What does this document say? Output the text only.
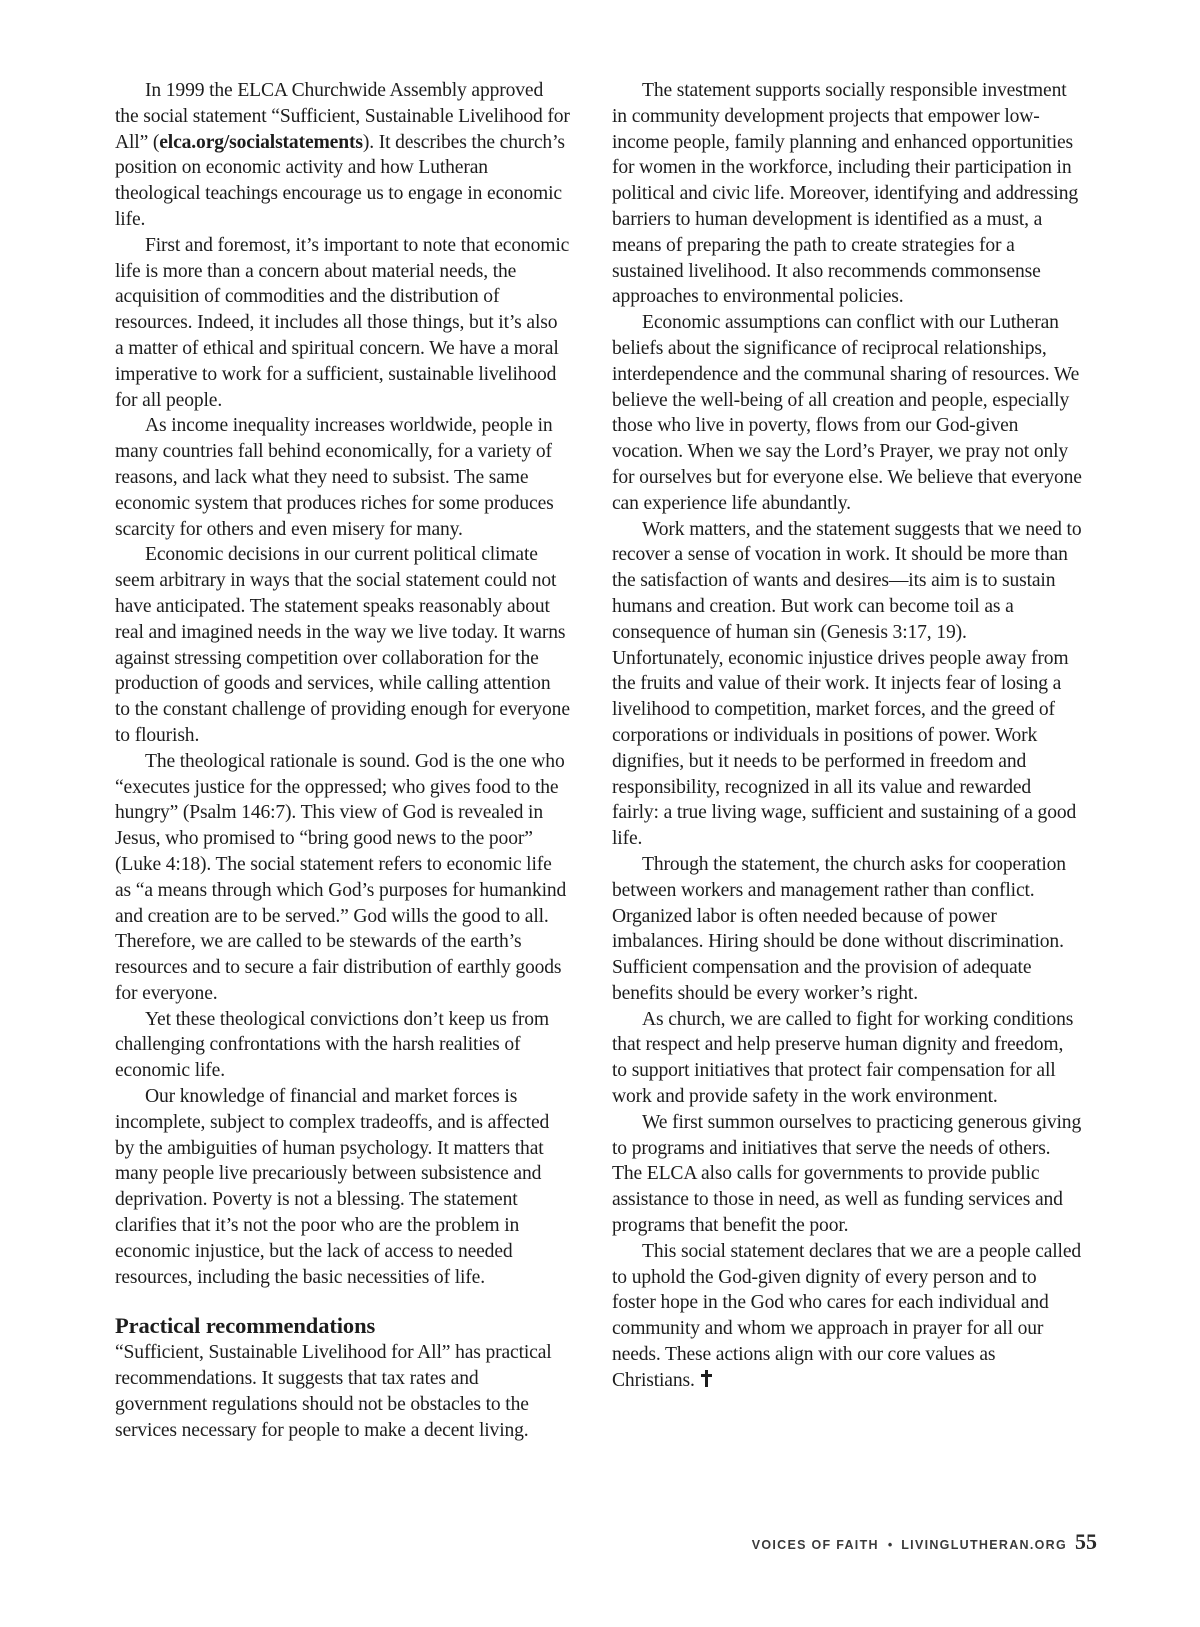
In 1999 the ELCA Churchwide Assembly approved the social statement “Sufficient, Sustainable Livelihood for All” (elca.org/socialstatements). It describes the church’s position on economic activity and how Lutheran theological teachings encourage us to engage in economic life.

First and foremost, it’s important to note that economic life is more than a concern about material needs, the acquisition of commodities and the distribution of resources. Indeed, it includes all those things, but it’s also a matter of ethical and spiritual concern. We have a moral imperative to work for a sufficient, sustainable livelihood for all people.

As income inequality increases worldwide, people in many countries fall behind economically, for a variety of reasons, and lack what they need to subsist. The same economic system that produces riches for some produces scarcity for others and even misery for many.

Economic decisions in our current political climate seem arbitrary in ways that the social statement could not have anticipated. The statement speaks reasonably about real and imagined needs in the way we live today. It warns against stressing competition over collaboration for the production of goods and services, while calling attention to the constant challenge of providing enough for everyone to flourish.

The theological rationale is sound. God is the one who “executes justice for the oppressed; who gives food to the hungry” (Psalm 146:7). This view of God is revealed in Jesus, who promised to “bring good news to the poor” (Luke 4:18). The social statement refers to economic life as “a means through which God’s purposes for humankind and creation are to be served.” God wills the good to all. Therefore, we are called to be stewards of the earth’s resources and to secure a fair distribution of earthly goods for everyone.

Yet these theological convictions don’t keep us from challenging confrontations with the harsh realities of economic life.

Our knowledge of financial and market forces is incomplete, subject to complex tradeoffs, and is affected by the ambiguities of human psychology. It matters that many people live precariously between subsistence and deprivation. Poverty is not a blessing. The statement clarifies that it’s not the poor who are the problem in economic injustice, but the lack of access to needed resources, including the basic necessities of life.

Practical recommendations

“Sufficient, Sustainable Livelihood for All” has practical recommendations. It suggests that tax rates and government regulations should not be obstacles to the services necessary for people to make a decent living.

The statement supports socially responsible investment in community development projects that empower low-income people, family planning and enhanced opportunities for women in the workforce, including their participation in political and civic life. Moreover, identifying and addressing barriers to human development is identified as a must, a means of preparing the path to create strategies for a sustained livelihood. It also recommends commonsense approaches to environmental policies.

Economic assumptions can conflict with our Lutheran beliefs about the significance of reciprocal relationships, interdependence and the communal sharing of resources. We believe the well-being of all creation and people, especially those who live in poverty, flows from our God-given vocation. When we say the Lord’s Prayer, we pray not only for ourselves but for everyone else. We believe that everyone can experience life abundantly.

Work matters, and the statement suggests that we need to recover a sense of vocation in work. It should be more than the satisfaction of wants and desires—its aim is to sustain humans and creation. But work can become toil as a consequence of human sin (Genesis 3:17, 19). Unfortunately, economic injustice drives people away from the fruits and value of their work. It injects fear of losing a livelihood to competition, market forces, and the greed of corporations or individuals in positions of power. Work dignifies, but it needs to be performed in freedom and responsibility, recognized in all its value and rewarded fairly: a true living wage, sufficient and sustaining of a good life.

Through the statement, the church asks for cooperation between workers and management rather than conflict. Organized labor is often needed because of power imbalances. Hiring should be done without discrimination. Sufficient compensation and the provision of adequate benefits should be every worker’s right.

As church, we are called to fight for working conditions that respect and help preserve human dignity and freedom, to support initiatives that protect fair compensation for all work and provide safety in the work environment.

We first summon ourselves to practicing generous giving to programs and initiatives that serve the needs of others. The ELCA also calls for governments to provide public assistance to those in need, as well as funding services and programs that benefit the poor.

This social statement declares that we are a people called to uphold the God-given dignity of every person and to foster hope in the God who cares for each individual and community and whom we approach in prayer for all our needs. These actions align with our core values as Christians.

VOICES OF FAITH • LIVINGLUTHERAN.ORG 55
